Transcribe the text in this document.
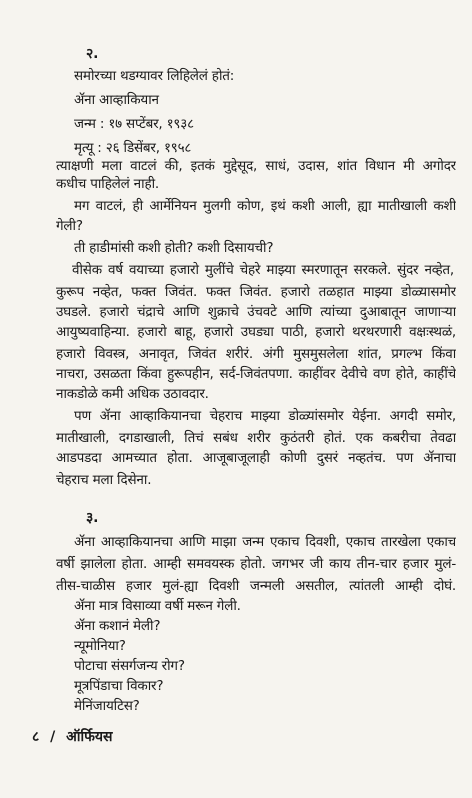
२.
समोरच्या थडग्यावर लिहिलेलं होतं:
ॲना आव्हाकियान
जन्म : १७ सप्टेंबर, १९३८
मृत्यू : २६ डिसेंबर, १९५८
त्याक्षणी मला वाटलं की, इतकं मुद्देसूद, साधं, उदास, शांत विधान मी अगोदर
कधीच पाहिलेलं नाही.
मग वाटलं, ही आर्मेनियन मुलगी कोण, इथं कशी आली, ह्या मातीखाली कशी
गेली?
ती हाडीमांसी कशी होती? कशी दिसायची?
वीसेक वर्ष वयाच्या हजारो मुलींचे चेहरे माझ्या स्मरणातून सरकले. सुंदर नव्हेत,
कुरूप नव्हेत, फक्त जिवंत. फक्त जिवंत. हजारो तळहात माझ्या डोळ्यासमोर
उघडले. हजारो चंद्राचे आणि शुक्राचे उंचवटे आणि त्यांच्या दुआबातून जाणाऱ्या
आयुष्यवाहिन्या. हजारो बाहू, हजारो उघड्या पाठी, हजारो थरथरणारी वक्षःस्थळं,
हजारो विवस्त्र, अनावृत, जिवंत शरीरं. अंगी मुसमुसलेला शांत, प्रगल्भ किंवा
नाचरा, उसळता किंवा हुरूपहीन, सर्द-जिवंतपणा. काहींवर देवीचे वण होते, काहींचे
नाकडोळे कमी अधिक उठावदार.
पण ॲना आव्हाकियानचा चेहराच माझ्या डोळ्यांसमोर येईना. अगदी समोर,
मातीखाली, दगडाखाली, तिचं सबंध शरीर कुठंतरी होतं. एक कबरीचा तेवढा
आडपडदा आमच्यात होता. आजूबाजूलाही कोणी दुसरं नव्हतंच. पण ॲनाचा
चेहराच मला दिसेना.
३.
ॲना आव्हाकियानचा आणि माझा जन्म एकाच दिवशी, एकाच तारखेला एकाच
वर्षी झालेला होता. आम्ही समवयस्क होतो. जगभर जी काय तीन-चार हजार मुलं-
तीस-चाळीस हजार मुलं-ह्या दिवशी जन्मली असतील, त्यांतली आम्ही दोघं.
ॲना मात्र विसाव्या वर्षी मरून गेली.
ॲना कशानं मेली?
न्यूमोनिया?
पोटाचा संसर्गजन्य रोग?
मूत्रपिंडाचा विकार?
मेनिंजायटिस?
८ / ऑर्फियस
